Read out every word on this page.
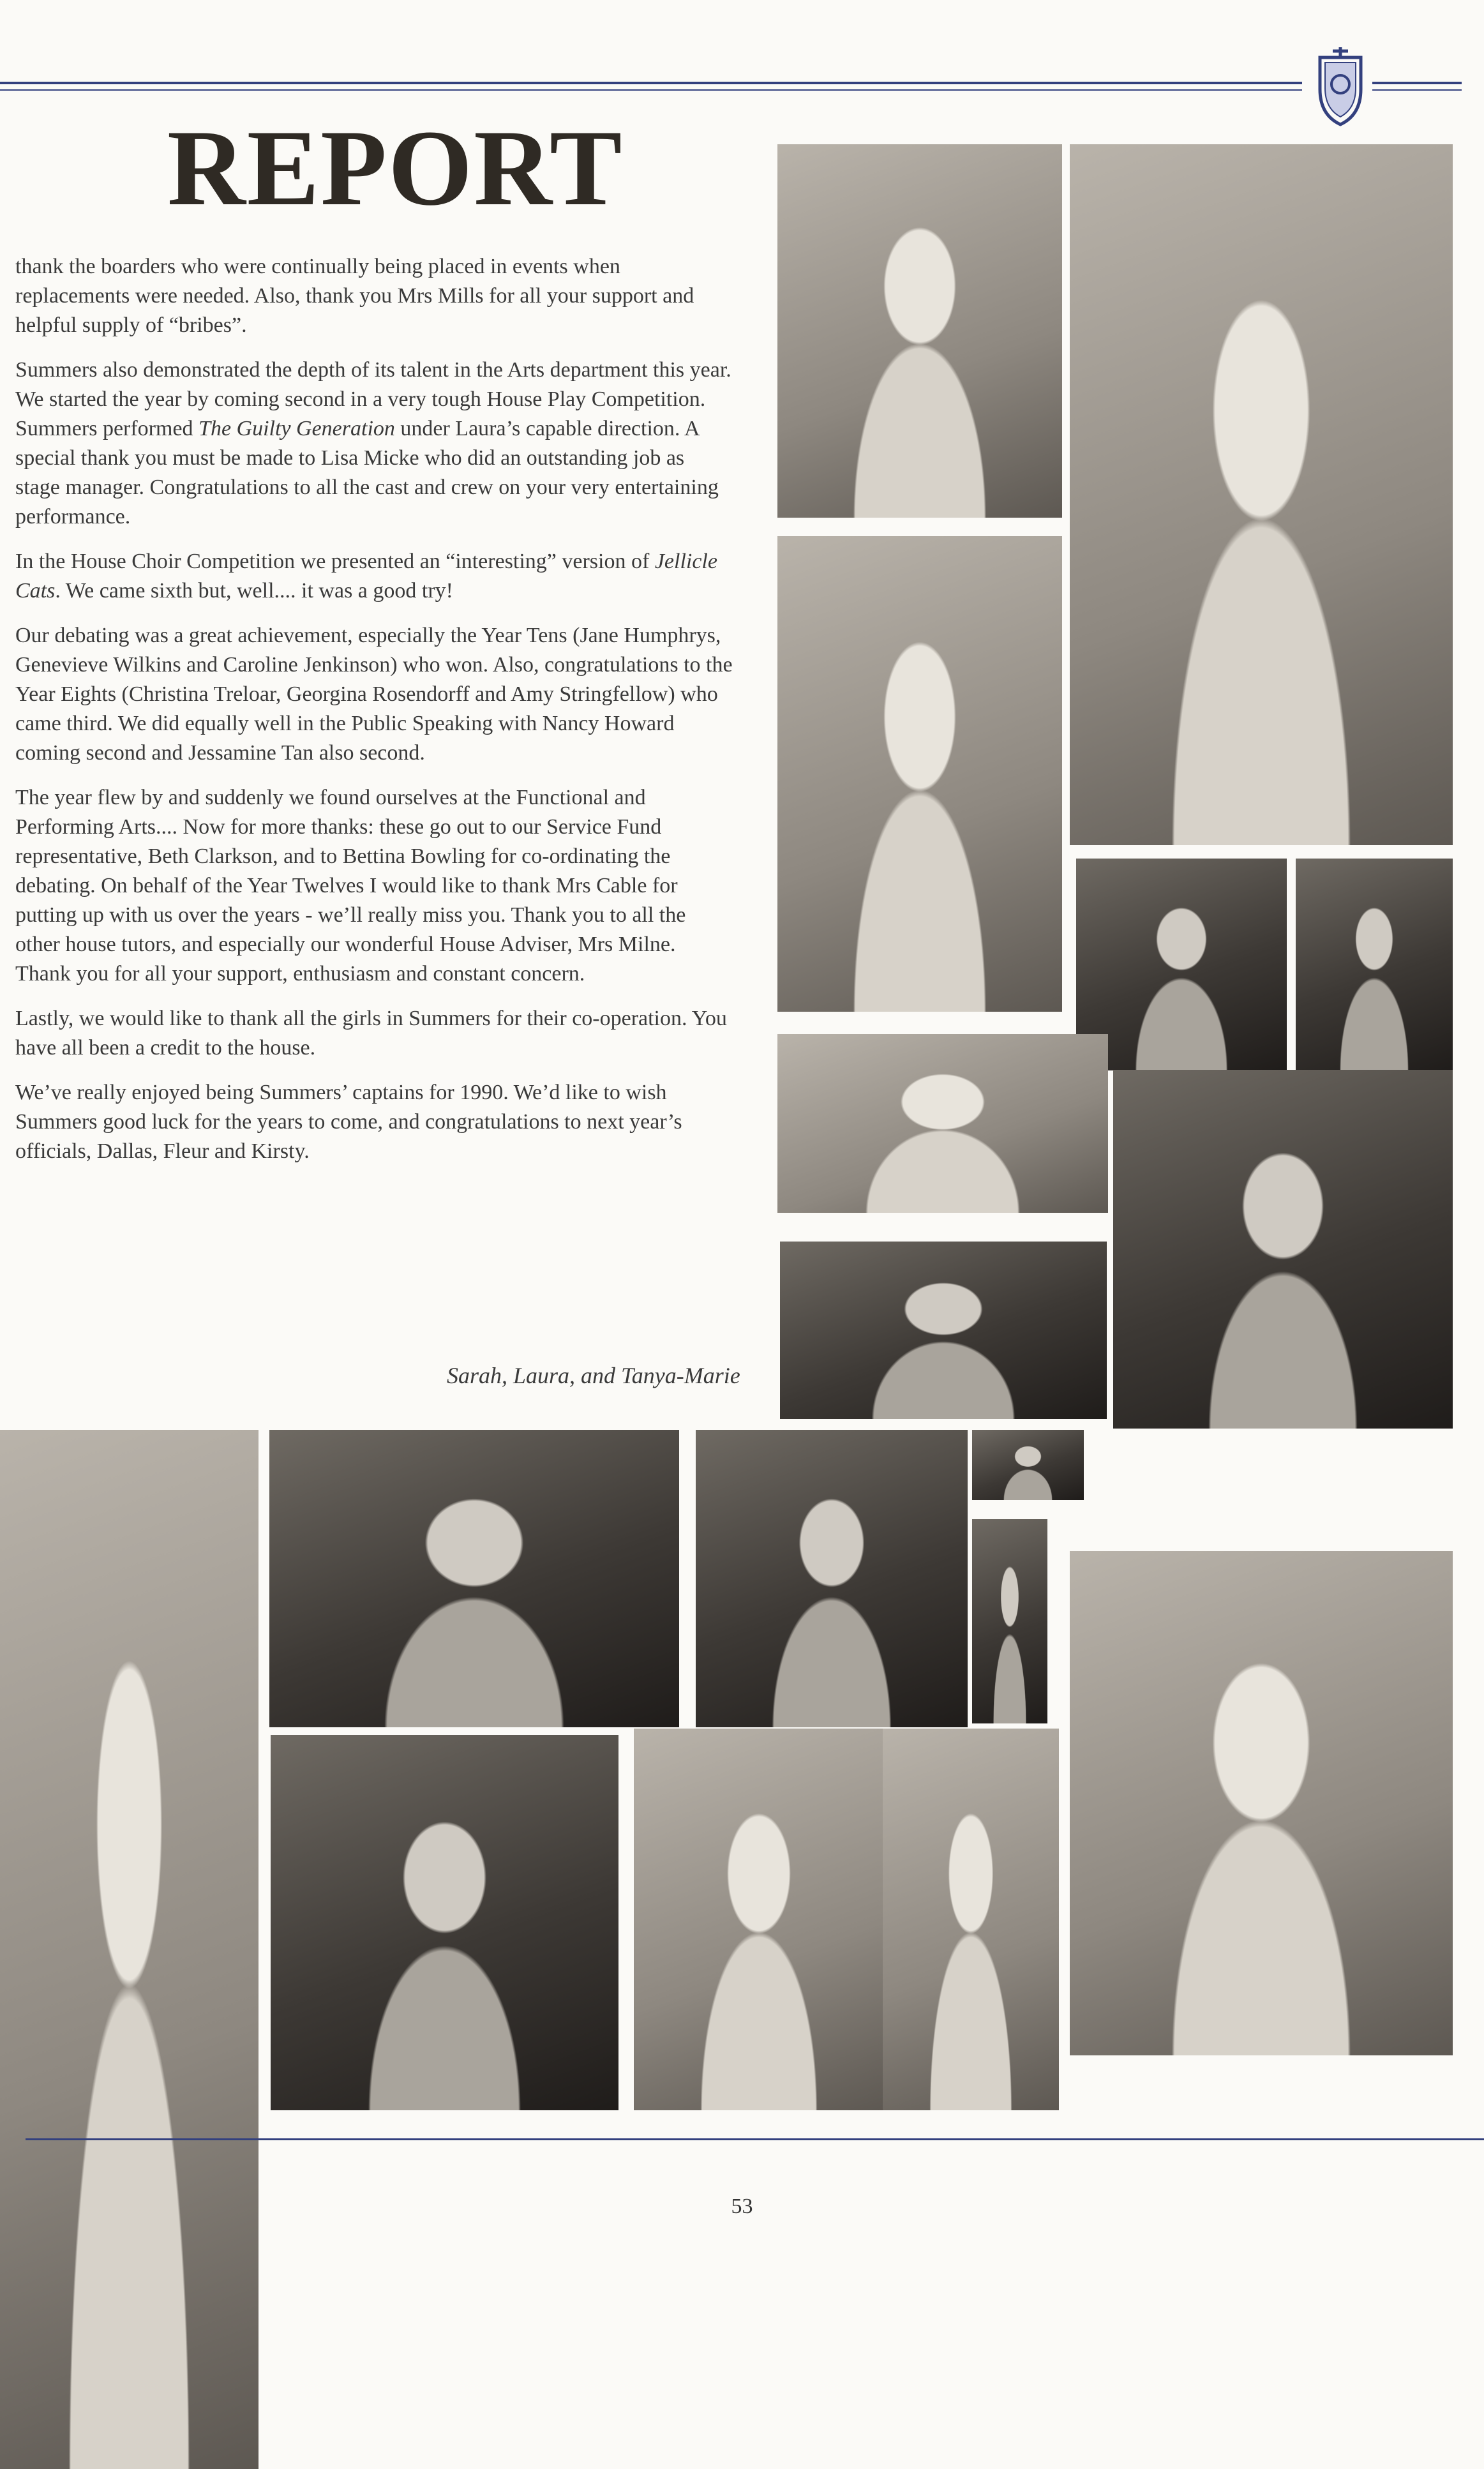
REPORT

thank the boarders who were continually being placed in events when replacements were needed. Also, thank you Mrs Mills for all your support and helpful supply of “bribes”.

Summers also demonstrated the depth of its talent in the Arts department this year. We started the year by coming second in a very tough House Play Competition. Summers performed The Guilty Generation under Laura’s capable direction. A special thank you must be made to Lisa Micke who did an outstanding job as stage manager. Congratulations to all the cast and crew on your very entertaining performance.

In the House Choir Competition we presented an “interesting” version of Jellicle Cats. We came sixth but, well.... it was a good try!

Our debating was a great achievement, especially the Year Tens (Jane Humphrys, Genevieve Wilkins and Caroline Jenkinson) who won. Also, congratulations to the Year Eights (Christina Treloar, Georgina Rosendorff and Amy Stringfellow) who came third. We did equally well in the Public Speaking with Nancy Howard coming second and Jessamine Tan also second.

The year flew by and suddenly we found ourselves at the Functional and Performing Arts.... Now for more thanks: these go out to our Service Fund representative, Beth Clarkson, and to Bettina Bowling for co-ordinating the debating. On behalf of the Year Twelves I would like to thank Mrs Cable for putting up with us over the years - we’ll really miss you. Thank you to all the other house tutors, and especially our wonderful House Adviser, Mrs Milne. Thank you for all your support, enthusiasm and constant concern.

Lastly, we would like to thank all the girls in Summers for their co-operation. You have all been a credit to the house.

We’ve really enjoyed being Summers’ captains for 1990. We’d like to wish Summers good luck for the years to come, and congratulations to next year’s officials, Dallas, Fleur and Kirsty.

Sarah, Laura, and Tanya-Marie
53
